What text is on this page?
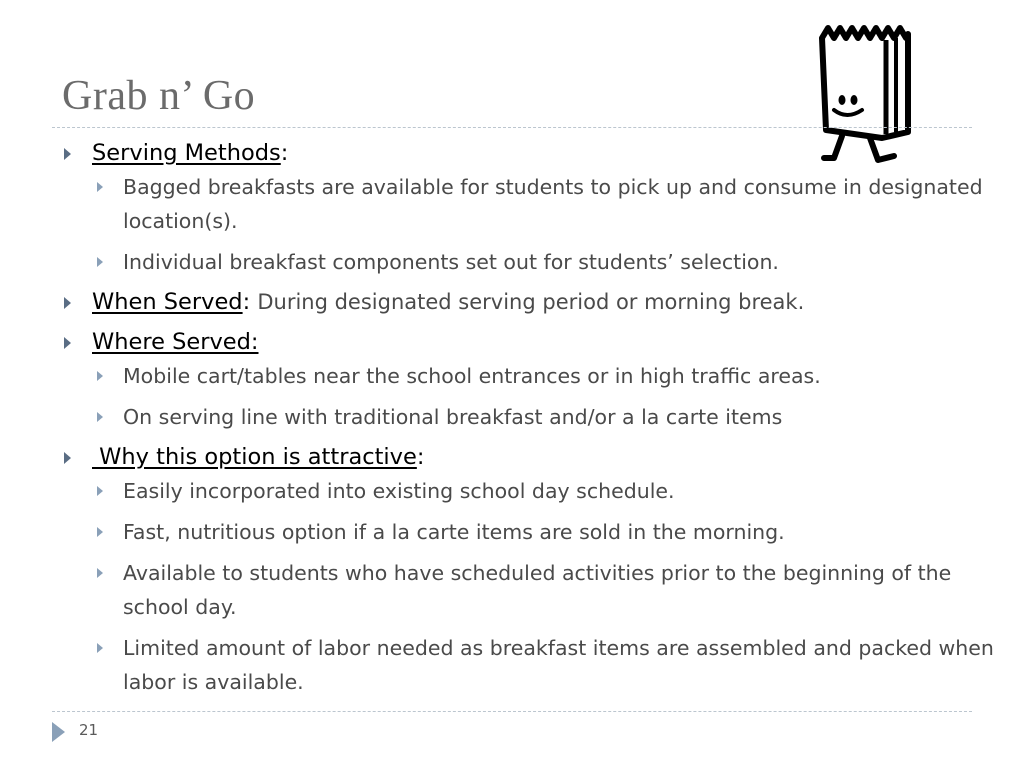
Grab n’ Go
Serving Methods:
Bagged breakfasts are available for students to pick up and consume in designated location(s).
Individual breakfast components set out for students’ selection.
When Served: During designated serving period or morning break.
Where Served:
Mobile cart/tables near the school entrances or in high traffic areas.
On serving line with traditional breakfast and/or a la carte items
Why this option is attractive:
Easily incorporated into existing school day schedule.
Fast, nutritious option if a la carte items are sold in the morning.
Available to students who have scheduled activities prior to the beginning of the school day.
Limited amount of labor needed as breakfast items are assembled and packed when labor is available.
21
